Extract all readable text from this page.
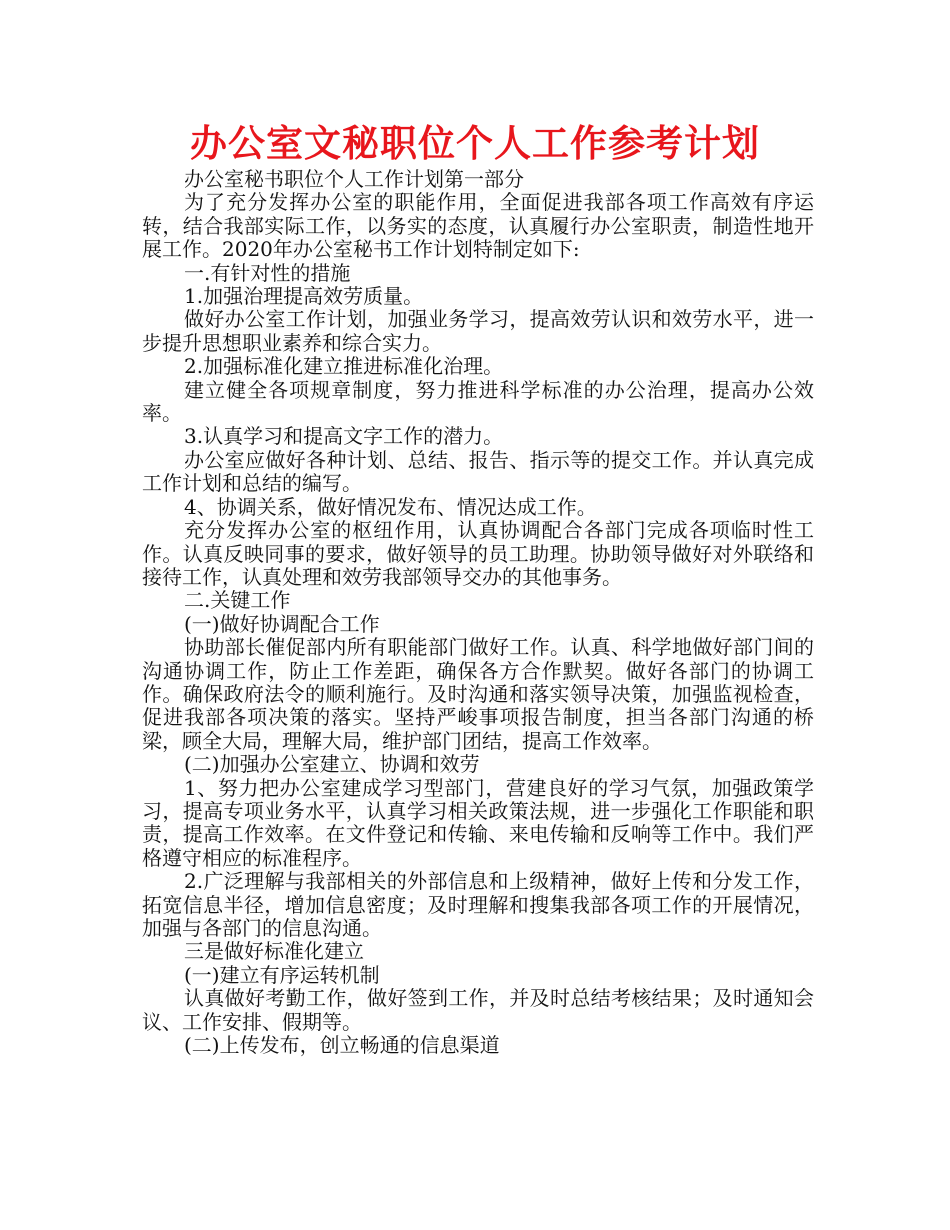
办公室文秘职位个人工作参考计划

办公室秘书职位个人工作计划第一部分

为了充分发挥办公室的职能作用，全面促进我部各项工作高效有序运转，结合我部实际工作，以务实的态度，认真履行办公室职责，制造性地开展工作。2020年办公室秘书工作计划特制定如下:

一.有针对性的措施

1.加强治理提高效劳质量。

做好办公室工作计划，加强业务学习，提高效劳认识和效劳水平，进一步提升思想职业素养和综合实力。

2.加强标准化建立推进标准化治理。

建立健全各项规章制度，努力推进科学标准的办公治理，提高办公效率。

3.认真学习和提高文字工作的潜力。

办公室应做好各种计划、总结、报告、指示等的提交工作。并认真完成工作计划和总结的编写。

4、协调关系，做好情况发布、情况达成工作。

充分发挥办公室的枢纽作用，认真协调配合各部门完成各项临时性工作。认真反映同事的要求，做好领导的员工助理。协助领导做好对外联络和接待工作，认真处理和效劳我部领导交办的其他事务。

二.关键工作

(一)做好协调配合工作

协助部长催促部内所有职能部门做好工作。认真、科学地做好部门间的沟通协调工作，防止工作差距，确保各方合作默契。做好各部门的协调工作。确保政府法令的顺利施行。及时沟通和落实领导决策，加强监视检查，促进我部各项决策的落实。坚持严峻事项报告制度，担当各部门沟通的桥梁，顾全大局，理解大局，维护部门团结，提高工作效率。

(二)加强办公室建立、协调和效劳

1、努力把办公室建成学习型部门，营建良好的学习气氛，加强政策学习，提高专项业务水平，认真学习相关政策法规，进一步强化工作职能和职责，提高工作效率。在文件登记和传输、来电传输和反响等工作中。我们严格遵守相应的标准程序。

2.广泛理解与我部相关的外部信息和上级精神，做好上传和分发工作，拓宽信息半径，增加信息密度；及时理解和搜集我部各项工作的开展情况，加强与各部门的信息沟通。

三是做好标准化建立

(一)建立有序运转机制

认真做好考勤工作，做好签到工作，并及时总结考核结果；及时通知会议、工作安排、假期等。

(二)上传发布，创立畅通的信息渠道
